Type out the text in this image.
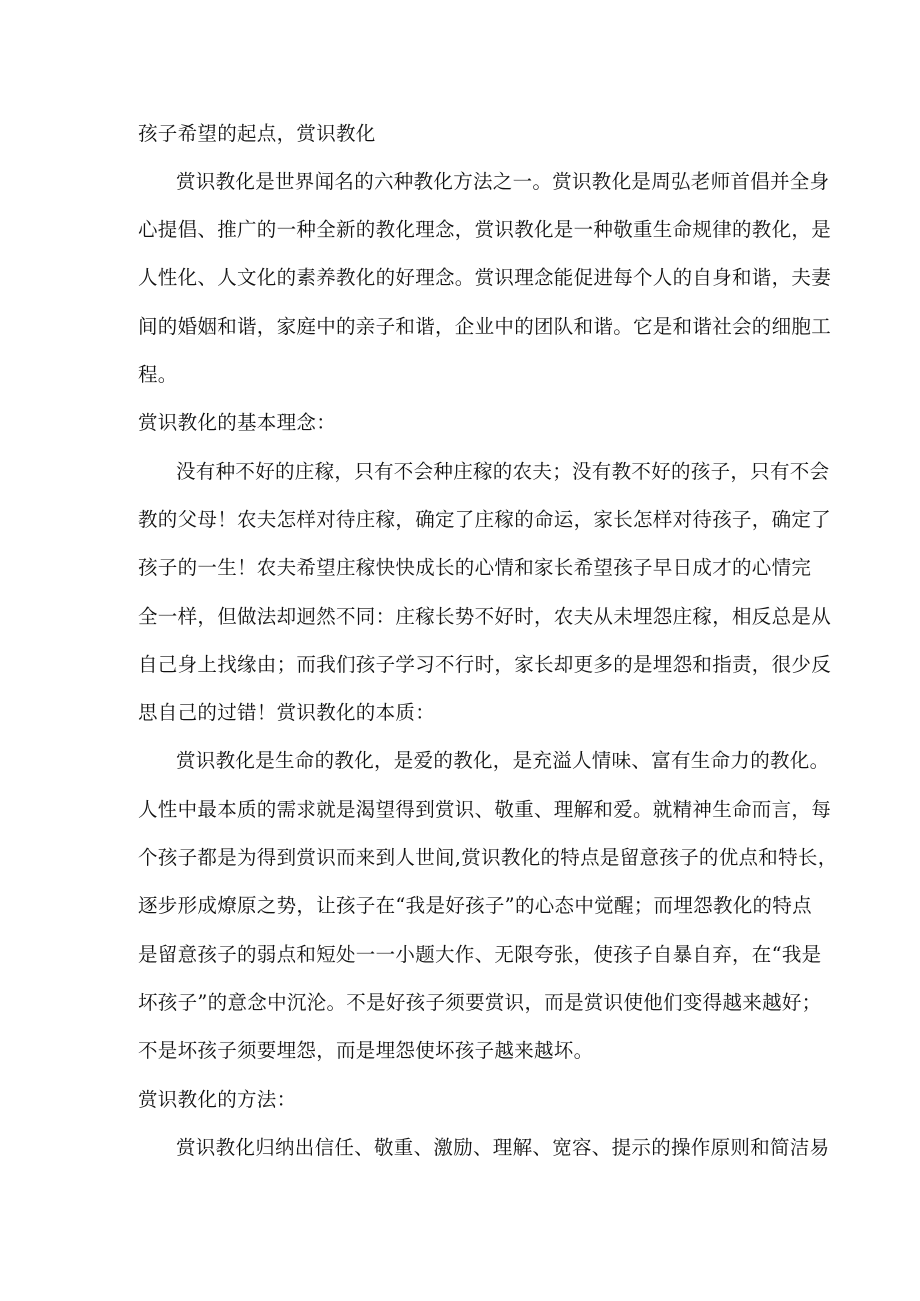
孩子希望的起点，赏识教化
赏识教化是世界闻名的六种教化方法之一。赏识教化是周弘老师首倡并全身
心提倡、推广的一种全新的教化理念，赏识教化是一种敬重生命规律的教化，是
人性化、人文化的素养教化的好理念。赏识理念能促进每个人的自身和谐，夫妻
间的婚姻和谐，家庭中的亲子和谐，企业中的团队和谐。它是和谐社会的细胞工
程。
赏识教化的基本理念：
没有种不好的庄稼，只有不会种庄稼的农夫；没有教不好的孩子，只有不会
教的父母！农夫怎样对待庄稼，确定了庄稼的命运，家长怎样对待孩子，确定了
孩子的一生！农夫希望庄稼快快成长的心情和家长希望孩子早日成才的心情完
全一样，但做法却迥然不同：庄稼长势不好时，农夫从未埋怨庄稼，相反总是从
自己身上找缘由；而我们孩子学习不行时，家长却更多的是埋怨和指责，很少反
思自己的过错！赏识教化的本质：
赏识教化是生命的教化，是爱的教化，是充溢人情味、富有生命力的教化。
人性中最本质的需求就是渴望得到赏识、敬重、理解和爱。就精神生命而言，每
个孩子都是为得到赏识而来到人世间,赏识教化的特点是留意孩子的优点和特长，
逐步形成燎原之势，让孩子在“我是好孩子”的心态中觉醒；而埋怨教化的特点
是留意孩子的弱点和短处一一小题大作、无限夸张，使孩子自暴自弃，在“我是
坏孩子”的意念中沉沦。不是好孩子须要赏识，而是赏识使他们变得越来越好；
不是坏孩子须要埋怨，而是埋怨使坏孩子越来越坏。
赏识教化的方法：
赏识教化归纳出信任、敬重、激励、理解、宽容、提示的操作原则和简洁易
